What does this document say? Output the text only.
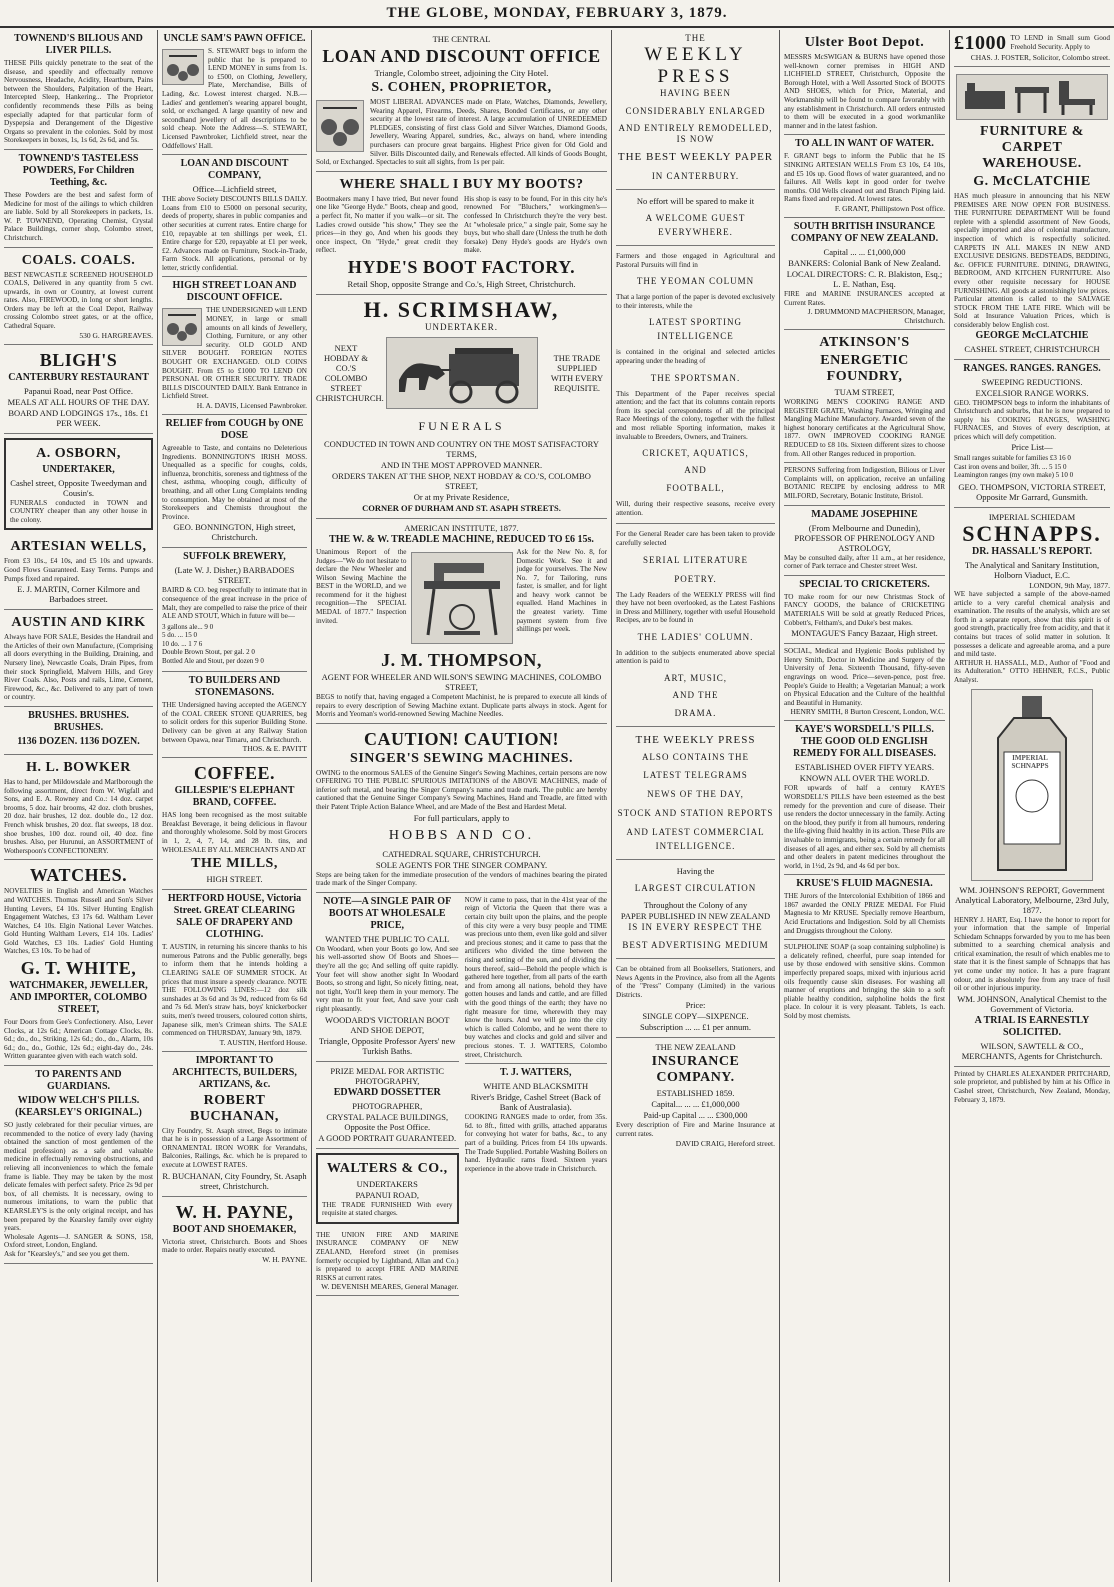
THE GLOBE, MONDAY, FEBRUARY 3, 1879.
TOWNEND'S BILIOUS AND LIVER PILLS.

THESE Pills quickly penetrate to the seat of the disease, and speedily and effectually remove Nervousness, Headache, Acidity, Heartburn, Pains between the Shoulders, Palpitation of the Heart, Intercepted Sleep, Hankering... The Proprietor confidently recommends these Pills as being especially adapted for that particular form of Dyspepsia and Derangement of the Digestive Organs so prevalent in the colonies. Sold by most Storekeepers in boxes, 1s, 1s 6d, 2s 6d, and 5s.

TOWNEND'S TASTELESS POWDERS, For Children Teething, &c.

These Powders are the best and safest form of Medicine for most of the ailings to which children are liable. Sold by all Storekeepers in packets, 1s. W. P. TOWNEND, Operating Chemist, Crystal Palace Buildings, corner shop, Colombo street, Christchurch.

COALS. COALS.

BEST NEWCASTLE SCREENED HOUSEHOLD COALS, Delivered in any quantity from 5 cwt. upwards, in own or Country, at lowest current rates. Also, FIREWOOD, in long or short lengths. Orders may be left at the Coal Depot, Railway crossing Colombo street gates, or at the office, Cathedral Square.

530 G. HARGREAVES.
BLIGH'S
CANTERBURY RESTAURANT
Papanui Road, near Post Office.
MEALS AT ALL HOURS OF THE DAY.
BOARD AND LODGINGS 17s., 18s. £1 PER WEEK.
A. OSBORN,
UNDERTAKER,
Cashel street, Opposite Tweedyman and Cousin's.

FUNERALS conducted in TOWN and COUNTRY cheaper than any other house in the colony.

ARTESIAN WELLS,

From £3 10s., £4 10s, and £5 10s and upwards. Good Flows Guaranteed. Easy Terms. Pumps and Pumps fixed and repaired.

E. J. MARTIN, Corner Kilmore and Barbadoes street.
AUSTIN AND KIRK

Always have FOR SALE, Besides the Handrail and the Articles of their own Manufacture, (Comprising all doors everything in the Building, Draining, and Nursery line), Newcastle Coals, Drain Pipes, from their stock Springfield, Malvern Hills, and Grey River Coals. Also, Posts and rails, Lime, Cement, Firewood, &c., &c. Delivered to any part of town or country.

BRUSHES. BRUSHES. BRUSHES.
1136 DOZEN. 1136 DOZEN.
H. L. BOWKER

Has to hand, per Mildowsdale and Marlborough the following assortment, direct from W. Wigfall and Sons, and E. A. Rowney and Co.: 14 doz. carpet brooms, 5 doz. hair brooms, 42 doz. cloth brushes, 20 doz. hair brushes, 12 doz. double do., 12 doz. French whisk brushes, 20 doz. flat sweeps, 18 doz. shoe brushes, 100 doz. round oil, 40 doz. fine brushes. Also, per Hurunui, an ASSORTMENT of Wotherspoon's CONFECTIONERY.

WATCHES.

NOVELTIES in English and American Watches and WATCHES. Thomas Russell and Son's Silver Hunting Levers, £4 10s. Silver Hunting English Engagement Watches, £3 17s 6d. Waltham Lever Watches, £4 10s. Elgin National Lever Watches. Gold Hunting Waltham Levers, £14 10s. Ladies' Gold Watches, £3 10s. Ladies' Gold Hunting Watches, £3 10s. To be had of

G. T. WHITE,
WATCHMAKER, JEWELLER, AND IMPORTER, COLOMBO STREET,

Four Doors from Gee's Confectionery. Also, Lever Clocks, at 12s 6d.; American Cottage Clocks, 8s. 6d.; do., do., Striking, 12s 6d.; do., do., Alarm, 10s 6d.; do., do., Gothic, 12s 6d.; eight-day do., 24s. Written guarantee given with each watch sold.

TO PARENTS AND GUARDIANS.
WIDOW WELCH'S PILLS. (KEARSLEY'S ORIGINAL.)

SO justly celebrated for their peculiar virtues, are recommended to the notice of every lady (having obtained the sanction of most gentlemen of the medical profession) as a safe and valuable medicine in effectually removing obstructions, and relieving all inconveniences to which the female frame is liable. They may be taken by the most delicate females with perfect safety. Price 2s 9d per box, of all chemists. It is necessary, owing to numerous imitations, to warn the public that KEARSLEY'S is the only original receipt, and has been prepared by the Kearsley family over eighty years.

Wholesale Agents—J. SANGER & SONS, 158, Oxford street, London, England.

Ask for "Kearsley's," and see you get them.

UNCLE SAM'S PAWN OFFICE.

S. STEWART begs to inform the public that he is prepared to LEND MONEY in sums from 1s. to £500, on Clothing, Jewellery, Plate, Merchandise, Bills of Lading, &c. Lowest interest charged. N.B.—Ladies' and gentlemen's wearing apparel bought, sold, or exchanged. A large quantity of new and secondhand jewellery of all descriptions to be sold cheap. Note the Address—S. STEWART, Licensed Pawnbroker, Lichfield street, near the Oddfellows' Hall.

LOAN AND DISCOUNT COMPANY,
Office—Lichfield street,

THE above Society DISCOUNTS BILLS DAILY. Loans from £10 to £5000 on personal security, deeds of property, shares in public companies and other securities at current rates. Entire charge for £10, repayable at ten shillings per week, £1. Entire charge for £20, repayable at £1 per week, £2. Advances made on Furniture, Stock-in-Trade, Farm Stock. All applications, personal or by letter, strictly confidential.

HIGH STREET LOAN AND DISCOUNT OFFICE.

THE UNDERSIGNED will LEND MONEY, in large or small amounts on all kinds of Jewellery, Clothing, Furniture, or any other security. OLD GOLD AND SILVER BOUGHT. FOREIGN NOTES BOUGHT OR EXCHANGED. OLD COINS BOUGHT. From £5 to £1000 TO LEND ON PERSONAL OR OTHER SECURITY. TRADE BILLS DISCOUNTED DAILY. Bank Entrance in Lichfield Street.

H. A. DAVIS, Licensed Pawnbroker.
RELIEF from COUGH by ONE DOSE

Agreeable to Taste, and contains no Deleterious Ingredients. BONNINGTON'S IRISH MOSS. Unequalled as a specific for coughs, colds, influenza, bronchitis, soreness and tightness of the chest, asthma, whooping cough, difficulty of breathing, and all other Lung Complaints tending to consumption. May be obtained at most of the Storekeepers and Chemists throughout the Province.

GEO. BONNINGTON, High street, Christchurch.
SUFFOLK BREWERY,
(Late W. J. Disher,) BARBADOES STREET.

BAIRD & CO. beg respectfully to intimate that in consequence of the great increase in the price of Malt, they are compelled to raise the price of their ALE AND STOUT, Which in future will be—

3 gallons ale... 9 0
5 do. ... 15 0
10 do. ... 1 7 6
Double Brown Stout, per gal. 2 0
Bottled Ale and Stout, per dozen 9 0
TO BUILDERS AND STONEMASONS.

THE Undersigned having accepted the AGENCY of the COAL CREEK STONE QUARRIES, beg to solicit orders for this superior Building Stone. Delivery can be given at any Railway Station between Opawa, near Timaru, and Christchurch.

THOS. & E. PAVITT
COFFEE.
GILLESPIE'S ELEPHANT BRAND, COFFEE.

HAS long been recognised as the most suitable Breakfast Beverage, it being delicious in flavour and thoroughly wholesome. Sold by most Grocers in 1, 2, 4, 7, 14, and 28 lb. tins, and WHOLESALE BY ALL MERCHANTS AND AT

THE MILLS,
HIGH STREET.
HERTFORD HOUSE, Victoria Street. GREAT CLEARING SALE OF DRAPERY AND CLOTHING.

T. AUSTIN, in returning his sincere thanks to his numerous Patrons and the Public generally, begs to inform them that he intends holding a CLEARING SALE OF SUMMER STOCK. At prices that must insure a speedy clearance. NOTE THE FOLLOWING LINES:—12 doz silk sunshades at 3s 6d and 3s 9d, reduced from 6s 6d and 7s 6d. Men's straw hats, boys' knickerbocker suits, men's tweed trousers, coloured cotton shirts, Japanese silk, men's Crimean shirts. The SALE commenced on THURSDAY, January 9th, 1879.

T. AUSTIN, Hertford House.
IMPORTANT TO ARCHITECTS, BUILDERS, ARTIZANS, &c.
ROBERT BUCHANAN,

City Foundry, St. Asaph street, Begs to intimate that he is in possession of a Large Assortment of ORNAMENTAL IRON WORK for Verandahs, Balconies, Railings, &c. which he is prepared to execute at LOWEST RATES.

R. BUCHANAN, City Foundry, St. Asaph street, Christchurch.
W. H. PAYNE,
BOOT AND SHOEMAKER,

Victoria street, Christchurch. Boots and Shoes made to order. Repairs neatly executed.

W. H. PAYNE.
THE CENTRAL
LOAN AND DISCOUNT OFFICE
Triangle, Colombo street, adjoining the City Hotel.
S. COHEN, PROPRIETOR,

MOST LIBERAL ADVANCES made on Plate, Watches, Diamonds, Jewellery, Wearing Apparel, Firearms, Deeds, Shares, Bonded Certificates, or any other security at the lowest rate of interest. A large accumulation of UNREDEEMED PLEDGES, consisting of first class Gold and Silver Watches, Diamond Goods, Jewellery, Wearing Apparel, sundries, &c., always on hand, where intending purchasers can procure great bargains. Highest Price given for Old Gold and Silver. Bills Discounted daily, and Renewals effected. All kinds of Goods Bought, Sold, or Exchanged. Spectacles to suit all sights, from 1s per pair.

WHERE SHALL I BUY MY BOOTS?

Bootmakers many I have tried, But never found one like "George Hyde." Boots, cheap and good, a perfect fit, No matter if you walk—or sit. The Ladies crowd outside "his show," They see the prices—in they go, And when his goods they once inspect, On "Hyde," great credit they reflect.

His shop is easy to be found, For in this city he's renowned For "Bluchers," workingmen's—confessed In Christchurch they're the very best. At "wholesale price," a single pair, Some say he buys, but who shall dare (Unless the truth he doth forsake) Deny Hyde's goods are Hyde's own make.

HYDE'S BOOT FACTORY.
Retail Shop, opposite Strange and Co.'s, High Street, Christchurch.
H. SCRIMSHAW,
UNDERTAKER.
NEXT HOBDAY & CO.'S COLOMBO STREET CHRISTCHURCH.
THE TRADE SUPPLIED WITH EVERY REQUISITE.
FUNERALS
CONDUCTED IN TOWN AND COUNTRY ON THE MOST SATISFACTORY TERMS,
AND IN THE MOST APPROVED MANNER.
ORDERS TAKEN AT THE SHOP, NEXT HOBDAY & CO.'S, COLOMBO STREET,
Or at my Private Residence,
CORNER OF DURHAM AND ST. ASAPH STREETS.
AMERICAN INSTITUTE, 1877.
THE W. & W. TREADLE MACHINE, REDUCED TO £6 15s.

Unanimous Report of the Judges—"We do not hesitate to declare the New Wheeler and Wilson Sewing Machine the BEST in the WORLD, and we recommend for it the highest recognition—The SPECIAL MEDAL of 1877." Inspection invited.

Ask for the New No. 8, for Domestic Work. See it and judge for yourselves. The New No. 7, for Tailoring, runs faster, is smaller, and for light and heavy work cannot be equalled. Hand Machines in the greatest variety. Time payment system from five shillings per week.

J. M. THOMPSON,
AGENT FOR WHEELER AND WILSON'S SEWING MACHINES, COLOMBO STREET,

BEGS to notify that, having engaged a Competent Machinist, he is prepared to execute all kinds of repairs to every description of Sewing Machine extant. Duplicate parts always in stock. Agent for Morris and Yeoman's world-renowned Sewing Machine Needles.

CAUTION! CAUTION!
SINGER'S SEWING MACHINES.

OWING to the enormous SALES of the Genuine Singer's Sewing Machines, certain persons are now OFFERING TO THE PUBLIC SPURIOUS IMITATIONS of the ABOVE MACHINES, made of inferior soft metal, and bearing the Singer Company's name and trade mark. The public are hereby cautioned that the Genuine Singer Company's Sewing Machines, Hand and Treadle, are fitted with their Patent Triple Action Balance Wheel, and are Made of the Best and Hardest Metal.

For full particulars, apply to
HOBBS AND CO.
CATHEDRAL SQUARE, CHRISTCHURCH.
SOLE AGENTS FOR THE SINGER COMPANY.

Steps are being taken for the immediate prosecution of the vendors of machines bearing the pirated trade mark of the Singer Company.

NOTE—A SINGLE PAIR OF BOOTS AT WHOLESALE PRICE,
WANTED THE PUBLIC TO CALL

On Woodard, when your Boots go low, And see his well-assorted show Of Boots and Shoes—they're all the go; And selling off quite rapidly. Your feet will show another sight In Woodard Boots, so strong and light, So nicely fitting, neat, not tight, You'll keep them in your memory. The very man to fit your feet, And save your cash right pleasantly.

WOODARD'S VICTORIAN BOOT AND SHOE DEPOT,
Triangle, Opposite Professor Ayers' new Turkish Baths.
PRIZE MEDAL FOR ARTISTIC PHOTOGRAPHY,
EDWARD DOSSETTER
PHOTOGRAPHER,
CRYSTAL PALACE BUILDINGS, Opposite the Post Office.
A GOOD PORTRAIT GUARANTEED.
WALTERS & CO.,
UNDERTAKERS
PAPANUI ROAD,

THE TRADE FURNISHED With every requisite at stated charges.

THE UNION FIRE AND MARINE INSURANCE COMPANY OF NEW ZEALAND, Hereford street (in premises formerly occupied by Lightband, Allan and Co.) is prepared to accept FIRE AND MARINE RISKS at current rates.

W. DEVENISH MEARES, General Manager.

NOW it came to pass, that in the 41st year of the reign of Victoria the Queen that there was a certain city built upon the plains, and the people of this city were a very busy people and TIME was precious unto them, even like gold and silver and precious stones; and it came to pass that the artificers who divided the time between the rising and setting of the sun, and of dividing the hours thereof, said—Behold the people which is gathered here together, from all parts of the earth and from among all nations, behold they have gotten houses and lands and cattle, and are filled with the good things of the earth; they have no right measure for time, wherewith they may know the hours. And we will go into the city which is called Colombo, and he went there to buy watches and clocks and gold and silver and precious stones. T. J. WATTERS, Colombo street, Christchurch.

T. J. WATTERS,
WHITE AND BLACKSMITH
River's Bridge, Cashel Street (Back of Bank of Australasia).

COOKING RANGES made to order, from 35s. 6d. to 8ft., fitted with grills, attached apparatus for conveying hot water for baths, &c., to any part of a building. Prices from £4 10s upwards. The Trade Supplied. Portable Washing Boilers on hand. Hydraulic rams fixed. Sixteen years experience in the above trade in Christchurch.

THE
WEEKLY PRESS
HAVING BEEN
CONSIDERABLY ENLARGED
AND ENTIRELY REMODELLED, IS NOW
THE BEST WEEKLY PAPER
IN CANTERBURY.
No effort will be spared to make it
A WELCOME GUEST EVERYWHERE.

Farmers and those engaged in Agricultural and Pastoral Pursuits will find in

THE YEOMAN COLUMN

That a large portion of the paper is devoted exclusively to their interests, while the

LATEST SPORTING INTELLIGENCE

is contained in the original and selected articles appearing under the heading of

THE SPORTSMAN.

This Department of the Paper receives special attention; and the fact that its columns contain reports from its special correspondents of all the principal Race Meetings of the colony, together with the fullest and most reliable Sporting information, makes it invaluable to Breeders, Owners, and Trainers.

CRICKET, AQUATICS,
AND
FOOTBALL,

Will, during their respective seasons, receive every attention.

For the General Reader care has been taken to provide carefully selected

SERIAL LITERATURE
POETRY.

The Lady Readers of the WEEKLY PRESS will find they have not been overlooked, as the Latest Fashions in Dress and Millinery, together with useful Household Recipes, are to be found in

THE LADIES' COLUMN.

In addition to the subjects enumerated above special attention is paid to

ART, MUSIC,
AND THE
DRAMA.
THE WEEKLY PRESS
ALSO CONTAINS THE
LATEST TELEGRAMS
NEWS OF THE DAY,
STOCK AND STATION REPORTS
AND LATEST COMMERCIAL INTELLIGENCE.
Having the
LARGEST CIRCULATION
Throughout the Colony of any
PAPER PUBLISHED IN NEW ZEALAND
IS IN EVERY RESPECT THE
BEST ADVERTISING MEDIUM

Can be obtained from all Booksellers, Stationers, and News Agents in the Province, also from all the Agents of the "Press" Company (Limited) in the various Districts.

Price:
SINGLE COPY—SIXPENCE.
Subscription ... ... £1 per annum.
THE NEW ZEALAND
INSURANCE COMPANY.
ESTABLISHED 1859.
Capital... ... ... £1,000,000
Paid-up Capital ... ... £300,000

Every description of Fire and Marine Insurance at current rates.

DAVID CRAIG, Hereford street.
Ulster Boot Depot.

MESSRS McSWIGAN & BURNS have opened those well-known corner premises in HIGH AND LICHFIELD STREET, Christchurch, Opposite the Borough Hotel, with a Well Assorted Stock of BOOTS AND SHOES, which for Price, Material, and Workmanship will be found to compare favorably with any establishment in Christchurch. All orders entrusted to them will be executed in a good workmanlike manner and in the latest fashion.

TO ALL IN WANT OF WATER.

F. GRANT begs to inform the Public that he IS SINKING ARTESIAN WELLS From £3 10s, £4 10s, and £5 10s up. Good flows of water guaranteed, and no failures. All Wells kept in good order for twelve months. Old Wells cleaned out and Branch Piping laid. Rams fixed and repaired. At lowest rates.

F. GRANT, Phillipstown Post office.
SOUTH BRITISH INSURANCE COMPANY OF NEW ZEALAND.
Capital ... ... £1,000,000
BANKERS: Colonial Bank of New Zealand.
LOCAL DIRECTORS: C. R. Blakiston, Esq.; L. E. Nathan, Esq.

FIRE and MARINE INSURANCES accepted at Current Rates.

J. DRUMMOND MACPHERSON, Manager, Christchurch.
ATKINSON'S
ENERGETIC FOUNDRY,
TUAM STREET,

WORKING MEN'S COOKING RANGE AND REGISTER GRATE, Washing Furnaces, Wringing and Mangling Machine Manufactory. Awarded seven of the highest honorary certificates at the Agricultural Show, 1877. OWN IMPROVED COOKING RANGE REDUCED to £8 10s. Sixteen different sizes to choose from. All other Ranges reduced in proportion.

PERSONS Suffering from Indigestion, Bilious or Liver Complaints will, on application, receive an unfailing BOTANIC RECIPE by enclosing address to MR MILFORD, Secretary, Botanic Institute, Bristol.

MADAME JOSEPHINE
(From Melbourne and Dunedin), PROFESSOR OF PHRENOLOGY AND ASTROLOGY,

May be consulted daily, after 11 a.m., at her residence, corner of Park terrace and Chester street West.

SPECIAL TO CRICKETERS.

TO make room for our new Christmas Stock of FANCY GOODS, the balance of CRICKETING MATERIALS Will be sold at greatly Reduced Prices, Cobbett's, Feltham's, and Duke's best makes.

MONTAGUE'S Fancy Bazaar, High street.

SOCIAL, Medical and Hygienic Books published by Henry Smith, Doctor in Medicine and Surgery of the University of Jena. Sixteenth Thousand, fifty-seven engravings on wood. Price—seven-pence, post free. People's Guide to Health; a Vegetarian Manual; a work on Physical Education and the Culture of the healthful and Beautiful in Humanity.

HENRY SMITH, 8 Burton Crescent, London, W.C.
KAYE'S WORSDELL'S PILLS. THE GOOD OLD ENGLISH REMEDY FOR ALL DISEASES.
ESTABLISHED OVER FIFTY YEARS.
KNOWN ALL OVER THE WORLD.

FOR upwards of half a century KAYE'S WORSDELL'S PILLS have been esteemed as the best remedy for the prevention and cure of disease. Their use renders the doctor unnecessary in the family. Acting on the blood, they purify it from all humours, rendering the life-giving fluid healthy in its action. These Pills are invaluable to immigrants, being a certain remedy for all diseases of all ages, and either sex. Sold by all chemists and other dealers in patent medicines throughout the world, in 1½d, 2s 9d, and 4s 6d per box.

KRUSE'S FLUID MAGNESIA.

THE Jurors of the Intercolonial Exhibition of 1866 and 1867 awarded the ONLY PRIZE MEDAL For Fluid Magnesia to Mr KRUSE. Specially remove Heartburn, Acid Eructations and Indigestion. Sold by all Chemists and Druggists throughout the Colony.

SULPHOLINE SOAP (a soap containing sulpholine) is a delicately refined, cheerful, pure soap intended for use by those endowed with sensitive skins. Common imperfectly prepared soaps, mixed with injurious acrid oils frequently cause skin diseases. For washing all manner of eruptions and bringing the skin to a soft pliable healthy condition, sulpholine holds the first place. In colour it is very pleasant. Tablets, 1s each. Sold by most chemists.

£1000 TO LEND in Small sum Good Freehold Security. Apply to

CHAS. J. FOSTER, Solicitor, Colombo street.
FURNITURE & CARPET WAREHOUSE.
G. McCLATCHIE

HAS much pleasure in announcing that his NEW PREMISES ARE NOW OPEN FOR BUSINESS. THE FURNITURE DEPARTMENT Will be found replete with a splendid assortment of New Goods, specially imported and also of colonial manufacture, inspection of which is respectfully solicited. CARPETS IN ALL MAKES IN NEW AND EXCLUSIVE DESIGNS. BEDSTEADS, BEDDING, &c. OFFICE FURNITURE. DINING, DRAWING, BEDROOM, AND KITCHEN FURNITURE. Also every other requisite necessary for HOUSE FURNISHING. All goods at astonishingly low prices.

Particular attention is called to the SALVAGE STOCK FROM THE LATE FIRE. Which will be Sold at Insurance Valuation Prices, which is considerably below English cost.

GEORGE McCLATCHIE
CASHEL STREET, CHRISTCHURCH
RANGES. RANGES. RANGES.
SWEEPING REDUCTIONS.
EXCELSIOR RANGE WORKS.

GEO. THOMPSON begs to inform the inhabitants of Christchurch and suburbs, that he is now prepared to supply his COOKING RANGES, WASHING FURNACES, and Stoves of every description, at prices which will defy competition.

Price List—
Small ranges suitable for families £3 16 0
Cast iron ovens and boiler, 3ft. ... 5 15 0
Leamington ranges (my own make) 5 10 0
GEO. THOMPSON, VICTORIA STREET, Opposite Mr Garrard, Gunsmith.
IMPERIAL SCHIEDAM
SCHNAPPS.
DR. HASSALL'S REPORT.
The Analytical and Sanitary Institution, Holborn Viaduct, E.C.
LONDON, 9th May, 1877.

WE have subjected a sample of the above-named article to a very careful chemical analysis and examination. The results of the analysis, which are set forth in a separate report, show that this spirit is of good strength, practically free from acidity, and that it contains but traces of solid matter in solution. It possesses a delicate and agreeable aroma, and a pure and mild taste.

ARTHUR H. HASSALL, M.D., Author of "Food and its Adulteration." OTTO HEHNER, F.C.S., Public Analyst.

IMPERIAL SCHNAPPS
WM. JOHNSON'S REPORT, Government Analytical Laboratory, Melbourne, 23rd July, 1877.

HENRY J. HART, Esq. I have the honor to report for your information that the sample of Imperial Schiedam Schnapps forwarded by you to me has been submitted to a searching chemical analysis and critical examination, the result of which enables me to state that it is the finest sample of Schnapps that has yet come under my notice. It has a pure fragrant odour, and is absolutely free from any trace of fusil oil or other injurious impurity.

WM. JOHNSON, Analytical Chemist to the Government of Victoria.
A TRIAL IS EARNESTLY SOLICITED.
WILSON, SAWTELL & CO., MERCHANTS, Agents for Christchurch.

Printed by CHARLES ALEXANDER PRITCHARD, sole proprietor, and published by him at his Office in Cashel street, Christchurch, New Zealand, Monday, February 3, 1879.
